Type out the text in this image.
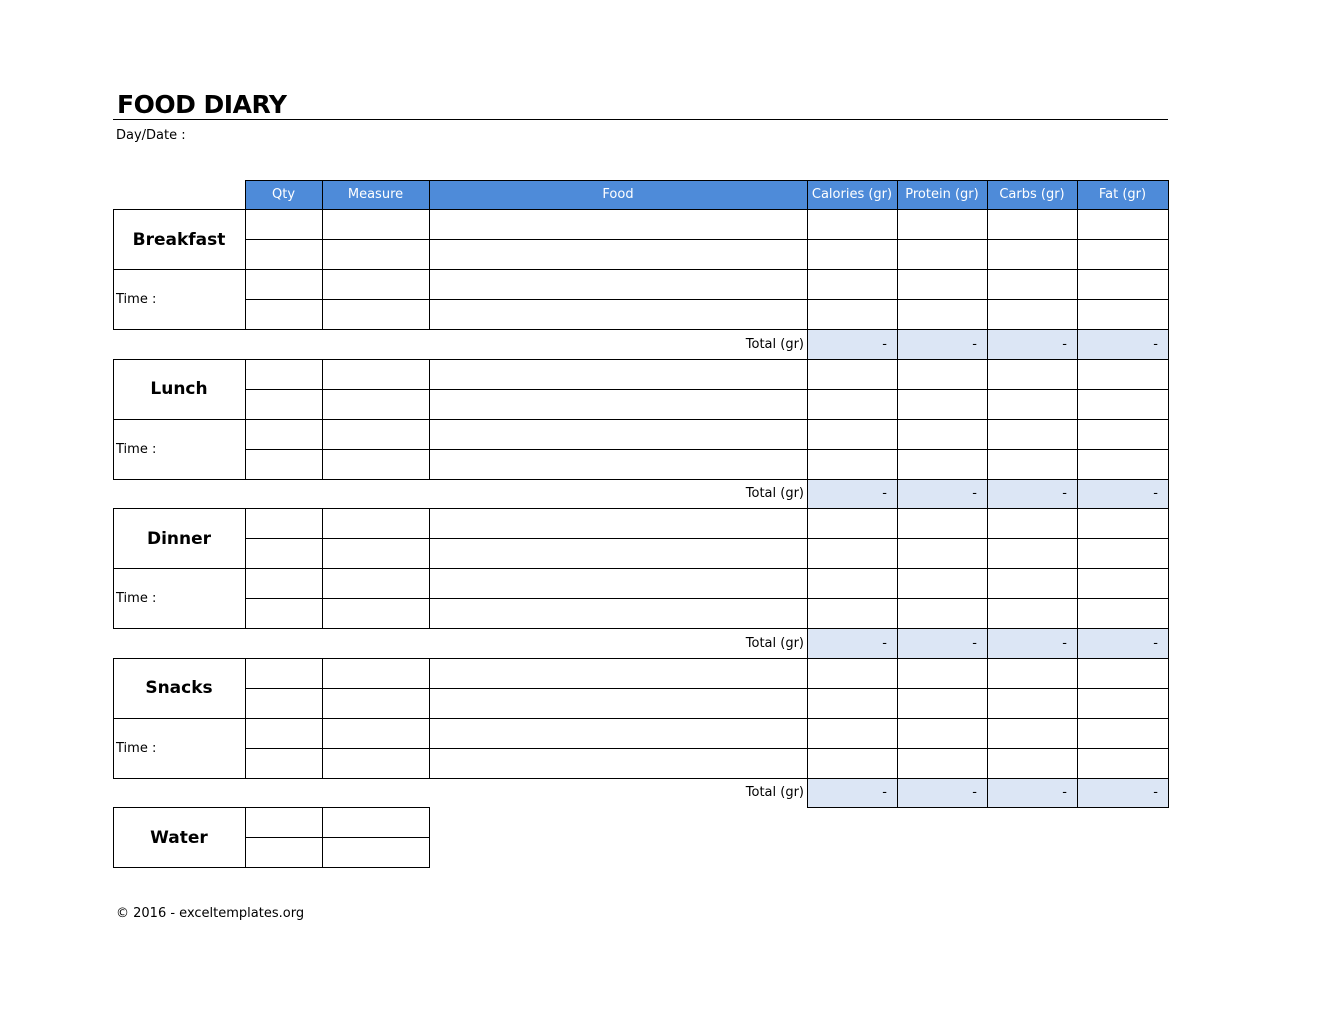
FOOD DIARY
Day/Date :
Qty	Measure	Food	Calories (gr)	Protein (gr)	Carbs (gr)	Fat (gr)
Breakfast
Time :
Total (gr)	-	-	-	-
Lunch
Time :
Total (gr)	-	-	-	-
Dinner
Time :
Total (gr)	-	-	-	-
Snacks
Time :
Total (gr)	-	-	-	-
Water
© 2016 - exceltemplates.org
